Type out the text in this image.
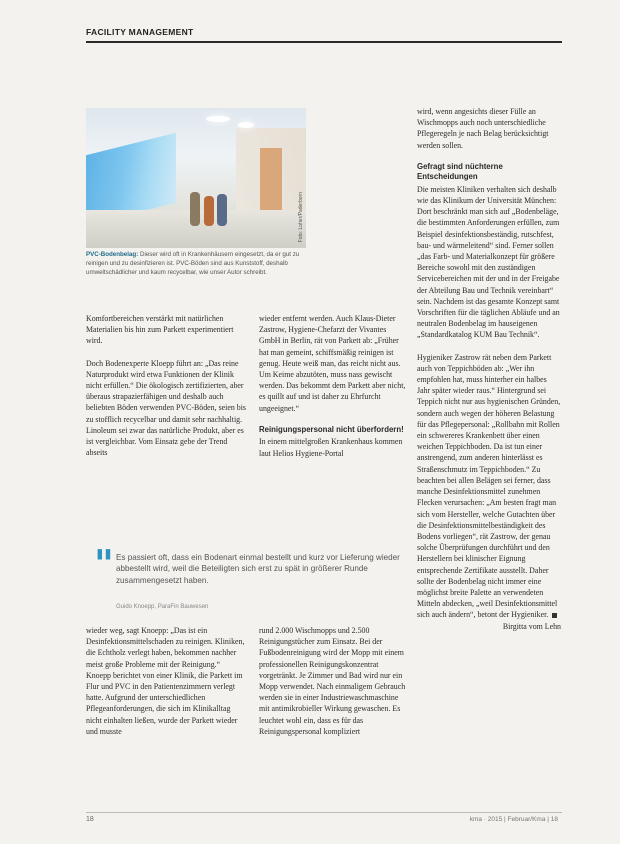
FACILITY MANAGEMENT
Foto: Loher/Paderborn
PVC-Bodenbelag: Dieser wird oft in Krankenhäusern eingesetzt, da er gut zu reinigen und zu desinfizieren ist. PVC-Böden sind aus Kunststoff, deshalb umweltschädlicher und kaum recycelbar, wie unser Autor schreibt.

Komfortbereichen verstärkt mit natürlichen Materialien bis hin zum Parkett experimentiert wird.

Doch Bodenexperte Kloepp führt an: „Das reine Naturprodukt wird etwa Funktionen der Klinik nicht erfüllen.“ Die ökologisch zertifizierten, aber überaus strapazierfähigen und deshalb auch beliebten Böden verwenden PVC-Böden, seien bis zu stofflich recycelbar und damit sehr nachhaltig. Linoleum sei zwar das natürliche Produkt, aber es ist vergleichbar. Vom Einsatz gebe der Trend abseits

wieder entfernt werden. Auch Klaus-Dieter Zastrow, Hygiene-Chefarzt der Vivantes GmbH in Berlin, rät von Parkett ab: „Früher hat man gemeint, schiffsmäßig reinigen ist genug. Heute weiß man, das reicht nicht aus. Um Keime abzutöten, muss nass gewischt werden. Das bekommt dem Parkett aber nicht, es quillt auf und ist daher zu Ehrfurcht ungeeignet.“

Reinigungspersonal nicht überfordern!

In einem mittelgroßen Krankenhaus kommen laut Helios Hygiene-Portal

wird, wenn angesichts dieser Fülle an Wischmopps auch noch unterschiedliche Pflegeregeln je nach Belag berücksichtigt werden sollen.

Gefragt sind nüchterne Entscheidungen

Die meisten Kliniken verhalten sich deshalb wie das Klinikum der Universität München: Dort beschränkt man sich auf „Bodenbeläge, die bestimmten Anforderungen erfüllen, zum Beispiel desinfektionsbeständig, rutschfest, bau- und wärmeleitend“ sind. Ferner sollen „das Farb- und Materialkonzept für größere Bereiche sowohl mit den zuständigen Servicebereichen mit der und in der Freigabe der Abteilung Bau und Technik vereinbart“ sein. Nachdem ist das gesamte Konzept samt Vorschriften für die täglichen Abläufe und an neutralen Bodenbelag im hauseigenen „Standardkatalog KUM Bau Technik“.

Hygieniker Zastrow rät neben dem Parkett auch von Teppichböden ab: „Wer ihn empfohlen hat, muss hinterher ein halbes Jahr später wieder raus.“ Hintergrund sei Teppich nicht nur aus hygienischen Gründen, sondern auch wegen der höheren Belastung für das Pflegepersonal: „Rollbahn mit Rollen ein schwereres Krankenbett über einen weichen Teppichboden. Da ist tun einer anstrengend, zum anderen hinterlässt es Straßenschmutz im Teppichboden.“ Zu beachten bei allen Belägen sei ferner, dass manche Desinfektionsmittel zunehmen Flecken verursachen: „Am besten fragt man sich vom Hersteller, welche Gutachten über die Desinfektionsmittelbeständigkeit des Bodens vorliegen“, rät Zastrow, der genau solche Überprüfungen durchführt und den Herstellern bei klinischer Eignung entsprechende Zertifikate ausstellt. Daher sollte der Bodenbelag nicht immer eine möglichst breite Palette an verwendeten Mitteln abdecken, „weil Desinfektionsmittel sich auch ändern“, betont der Hygieniker.

Birgitta vom Lehn

" Es passiert oft, dass ein Bodenart einmal bestellt und kurz vor Lieferung wieder abbestellt wird, weil die Beteiligten sich erst zu spät in größerer Runde zusammengesetzt haben.
Guido Knoepp, ParaFin Bauwesen

wieder weg, sagt Knoepp: „Das ist ein Desinfektionsmittelschaden zu reinigen. Kliniken, die Echtholz verlegt haben, bekommen nachher meist große Probleme mit der Reinigung.“ Knoepp berichtet von einer Klinik, die Parkett im Flur und PVC in den Patientenzimmern verlegt hatte. Aufgrund der unterschiedlichen Pflegeanforderungen, die sich im Klinikalltag nicht einhalten ließen, wurde der Parkett wieder und musste

rund 2.000 Wischmopps und 2.500 Reinigungstücher zum Einsatz. Bei der Fußbodenreinigung wird der Mopp mit einem professionellen Reinigungskonzentrat vorgetränkt. Je Zimmer und Bad wird nur ein Mopp verwendet. Nach einmaligem Gebrauch werden sie in einer Industriewaschmaschine mit antimikrobieller Wirkung gewaschen. Es leuchtet wohl ein, dass es für das Reinigungspersonal kompliziert

18	kma · 2015 | Februar/Kma | 18
